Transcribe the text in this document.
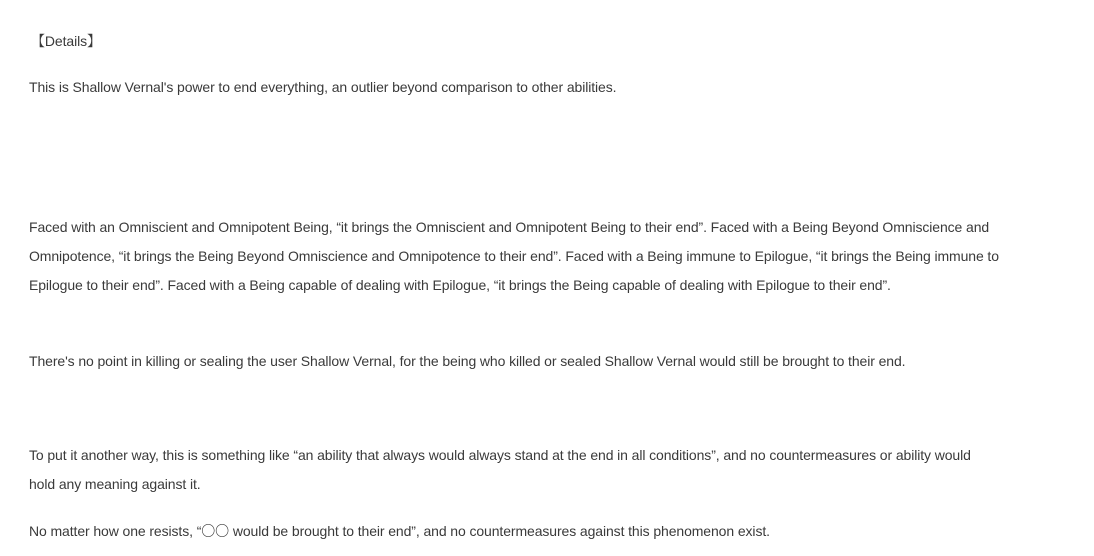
【Details】

This is Shallow Vernal's power to end everything, an outlier beyond comparison to other abilities.

Faced with an Omniscient and Omnipotent Being, “it brings the Omniscient and Omnipotent Being to their end”. Faced with a Being Beyond Omniscience and Omnipotence, “it brings the Being Beyond Omniscience and Omnipotence to their end”. Faced with a Being immune to Epilogue, “it brings the Being immune to Epilogue to their end”. Faced with a Being capable of dealing with Epilogue, “it brings the Being capable of dealing with Epilogue to their end”.

There's no point in killing or sealing the user Shallow Vernal, for the being who killed or sealed Shallow Vernal would still be brought to their end.

To put it another way, this is something like “an ability that always would always stand at the end in all conditions”, and no countermeasures or ability would hold any meaning against it.

No matter how one resists, “〇〇 would be brought to their end”, and no countermeasures against this phenomenon exist.
